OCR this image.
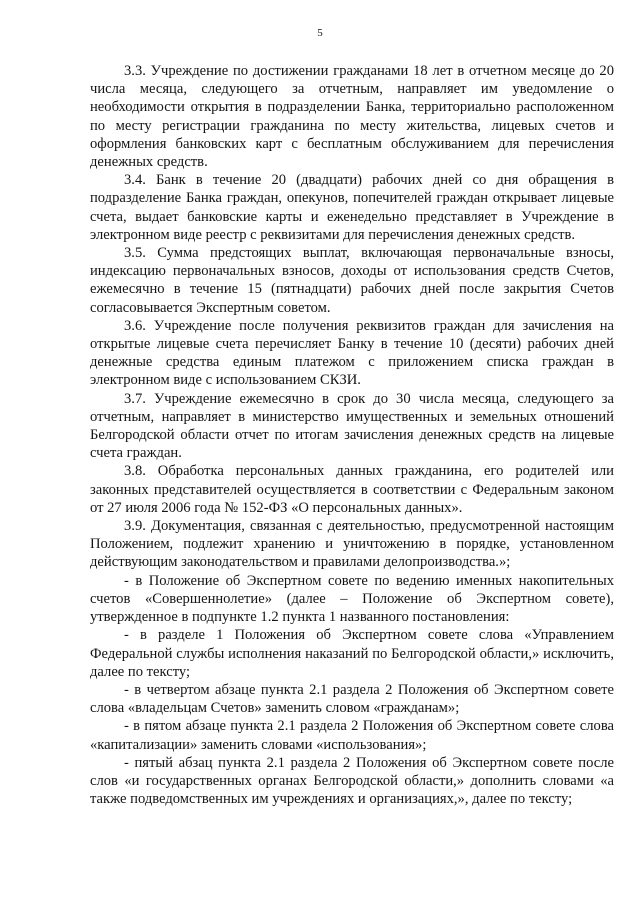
5

3.3. Учреждение по достижении гражданами 18 лет в отчетном месяце до 20 числа месяца, следующего за отчетным, направляет им уведомление о необходимости открытия в подразделении Банка, территориально расположенном по месту регистрации гражданина по месту жительства, лицевых счетов и оформления банковских карт с бесплатным обслуживанием для перечисления денежных средств.

3.4. Банк в течение 20 (двадцати) рабочих дней со дня обращения в подразделение Банка граждан, опекунов, попечителей граждан открывает лицевые счета, выдает банковские карты и еженедельно представляет в Учреждение в электронном виде реестр с реквизитами для перечисления денежных средств.

3.5. Сумма предстоящих выплат, включающая первоначальные взносы, индексацию первоначальных взносов, доходы от использования средств Счетов, ежемесячно в течение 15 (пятнадцати) рабочих дней после закрытия Счетов согласовывается Экспертным советом.

3.6. Учреждение после получения реквизитов граждан для зачисления на открытые лицевые счета перечисляет Банку в течение 10 (десяти) рабочих дней денежные средства единым платежом с приложением списка граждан в электронном виде с использованием СКЗИ.

3.7. Учреждение ежемесячно в срок до 30 числа месяца, следующего за отчетным, направляет в министерство имущественных и земельных отношений Белгородской области отчет по итогам зачисления денежных средств на лицевые счета граждан.

3.8. Обработка персональных данных гражданина, его родителей или законных представителей осуществляется в соответствии с Федеральным законом от 27 июля 2006 года № 152-ФЗ «О персональных данных».

3.9. Документация, связанная с деятельностью, предусмотренной настоящим Положением, подлежит хранению и уничтожению в порядке, установленном действующим законодательством и правилами делопроизводства.»;

- в Положение об Экспертном совете по ведению именных накопительных счетов «Совершеннолетие» (далее – Положение об Экспертном совете), утвержденное в подпункте 1.2 пункта 1 названного постановления:

- в разделе 1 Положения об Экспертном совете слова «Управлением Федеральной службы исполнения наказаний по Белгородской области,» исключить, далее по тексту;

- в четвертом абзаце пункта 2.1 раздела 2 Положения об Экспертном совете слова «владельцам Счетов» заменить словом «гражданам»;

- в пятом абзаце пункта 2.1 раздела 2 Положения об Экспертном совете слова «капитализации» заменить словами «использования»;

- пятый абзац пункта 2.1 раздела 2 Положения об Экспертном совете после слов «и государственных органах Белгородской области,» дополнить словами «а также подведомственных им учреждениях и организациях,», далее по тексту;
